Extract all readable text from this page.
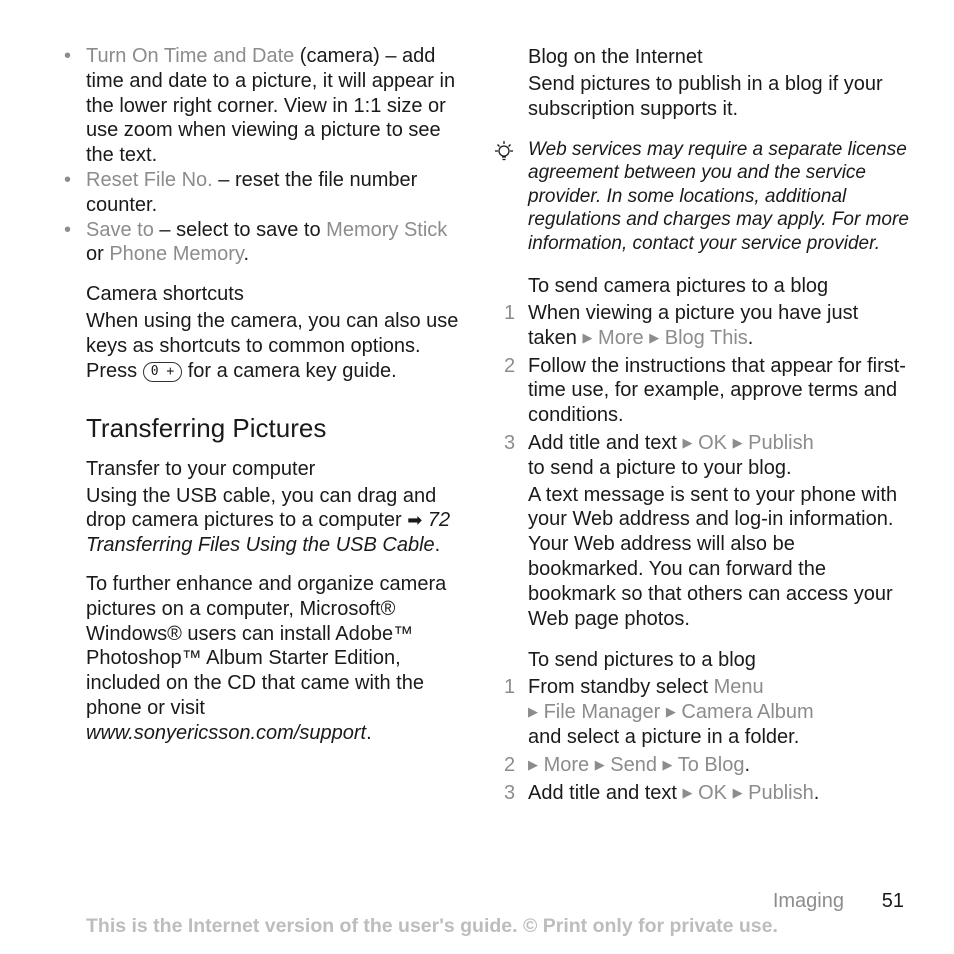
• Turn On Time and Date (camera) – add time and date to a picture, it will appear in the lower right corner. View in 1:1 size or use zoom when viewing a picture to see the text.
• Reset File No. – reset the file number counter.
• Save to – select to save to Memory Stick or Phone Memory.

Camera shortcuts

When using the camera, you can also use keys as shortcuts to common options. Press 0 + for a camera key guide.

Transferring Pictures

Transfer to your computer

Using the USB cable, you can drag and drop camera pictures to a computer ➡ 72 Transferring Files Using the USB Cable.

To further enhance and organize camera pictures on a computer, Microsoft® Windows® users can install Adobe™ Photoshop™ Album Starter Edition, included on the CD that came with the phone or visit www.sonyericsson.com/support.

Blog on the Internet

Send pictures to publish in a blog if your subscription supports it.

Web services may require a separate license agreement between you and the service provider. In some locations, additional regulations and charges may apply. For more information, contact your service provider.

To send camera pictures to a blog

1 When viewing a picture you have just taken ▶ More ▶ Blog This.
2 Follow the instructions that appear for first-time use, for example, approve terms and conditions.
3 Add title and text ▶ OK ▶ Publish
to send a picture to your blog.
A text message is sent to your phone with your Web address and log-in information. Your Web address will also be bookmarked. You can forward the bookmark so that others can access your Web page photos.

To send pictures to a blog

1 From standby select Menu
▶ File Manager ▶ Camera Album
and select a picture in a folder.
2 ▶ More ▶ Send ▶ To Blog.
3 Add title and text ▶ OK ▶ Publish.
Imaging 51
This is the Internet version of the user's guide. © Print only for private use.
